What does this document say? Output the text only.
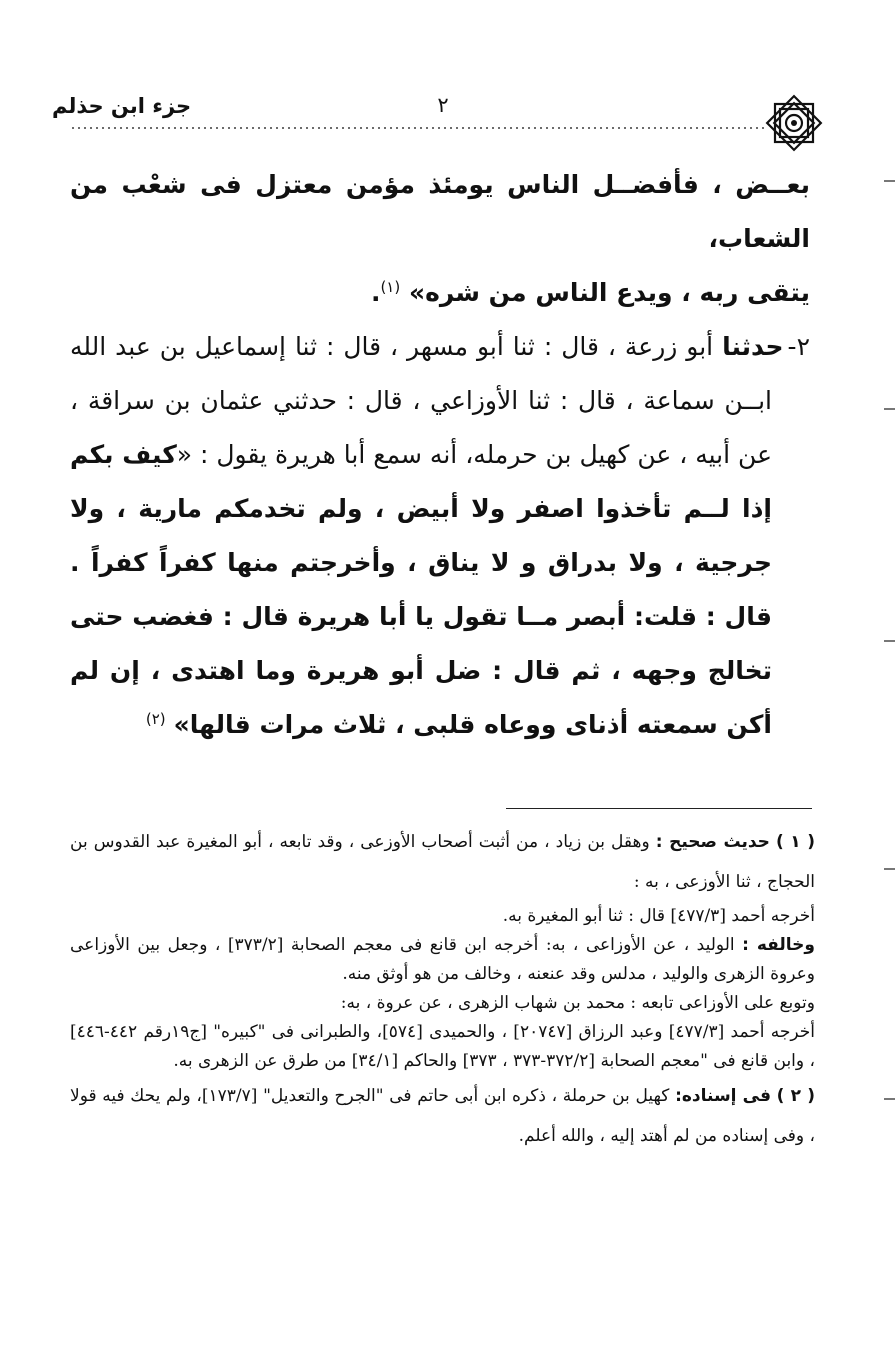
جزء ابن حذلم	٢

بعــض ، فأفضــل الناس يومئذ مؤمن معتزل فى شعْب من الشعاب،
يتقى ربه ، ويدع الناس من شره» $^{(١)}$.

٢-حدثنا أبو زرعة ، قال : ثنا أبو مسهر ، قال : ثنا إسماعيل بن عبد الله ابــن سماعة ، قال : ثنا الأوزاعي ، قال : حدثني عثمان بن سراقة ، عن أبيه ، عن كهيل بن حرمله، أنه سمع أبا هريرة يقول : «كيف بكم إذا لــم تأخذوا اصفر ولا أبيض ، ولم تخدمكم مارية ، ولا جرجية ، ولا بدراق و لا يناق ، وأخرجتم منها كفراً كفراً . قال : قلت: أبصر مــا تقول يا أبا هريرة قال : فغضب حتى تخالج وجهه ، ثم قال : ضل أبو هريرة وما اهتدى ، إن لم أكن سمعته أذناى ووعاه قلبى ، ثلاث مرات قالها» $^{(٢)}$

( ١ ) حديث صحيح : وهقل بن زياد ، من أثبت أصحاب الأوزعى ، وقد تابعه ، أبو المغيرة عبد القدوس بن الحجاج ، ثنا الأوزعى ، به :

أخرجه أحمد [٤٧٧/٣] قال : ثنا أبو المغيرة به.

وخالفه : الوليد ، عن الأوزاعى ، به: أخرجه ابن قانع فى معجم الصحابة [٣٧٣/٢] ، وجعل بين الأوزاعى وعروة الزهرى والوليد ، مدلس وقد عنعنه ، وخالف من هو أوثق منه.

وتوبع على الأوزاعى تابعه : محمد بن شهاب الزهرى ، عن عروة ، به:

أخرجه أحمد [٤٧٧/٣] وعبد الرزاق [٢٠٧٤٧] ، والحميدى [٥٧٤]، والطبرانى فى "كبيره" [ج١٩رقم ٤٤٢-٤٤٦] ، وابن قانع فى "معجم الصحابة [٣٧٢/٢-٣٧٣ ، ٣٧٣] والحاكم [٣٤/١] من طرق عن الزهرى به.

( ٢ ) فى إسناده: كهيل بن حرملة ، ذكره ابن أبى حاتم فى "الجرح والتعديل" [١٧٣/٧]، ولم يحك فيه قولا ، وفى إسناده من لم أهتد إليه ، والله أعلم.
